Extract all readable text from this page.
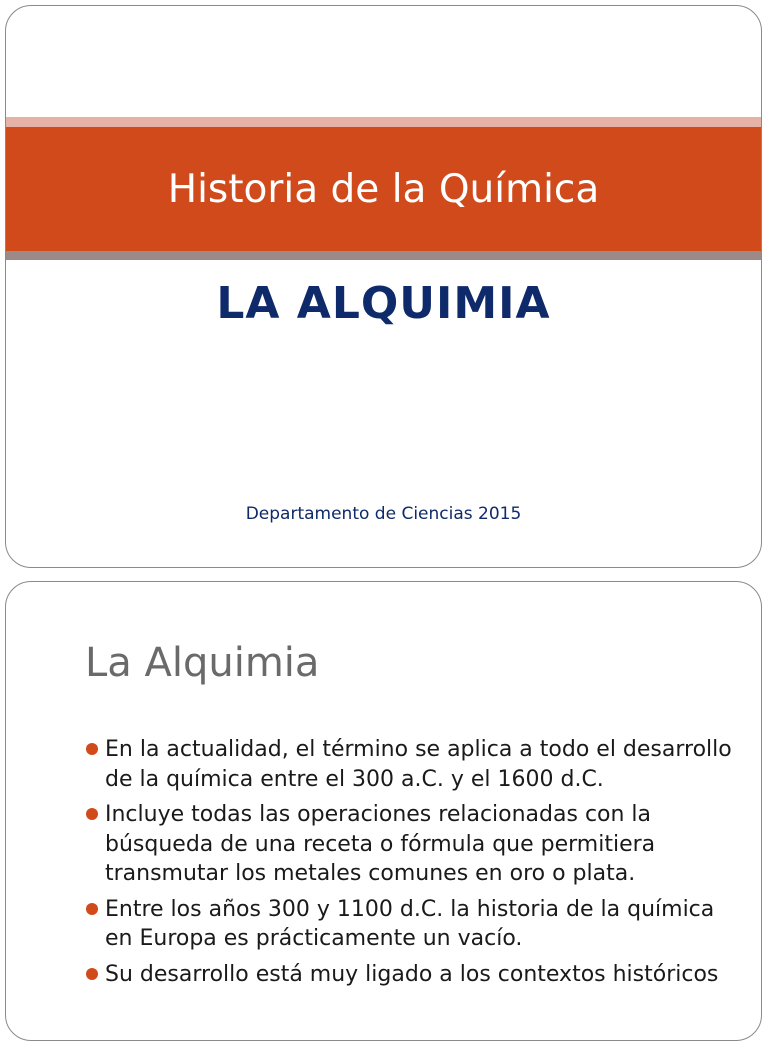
Historia de la Química
LA ALQUIMIA
Departamento de Ciencias 2015
La Alquimia
En la actualidad, el término se aplica a todo el desarrollo de la química entre el 300 a.C. y el 1600 d.C.
Incluye todas las operaciones relacionadas con la búsqueda de una receta o fórmula que permitiera transmutar los metales comunes en oro o plata.
Entre los años 300 y 1100 d.C. la historia de la química en Europa es prácticamente un vacío.
Su desarrollo está muy ligado a los contextos históricos
